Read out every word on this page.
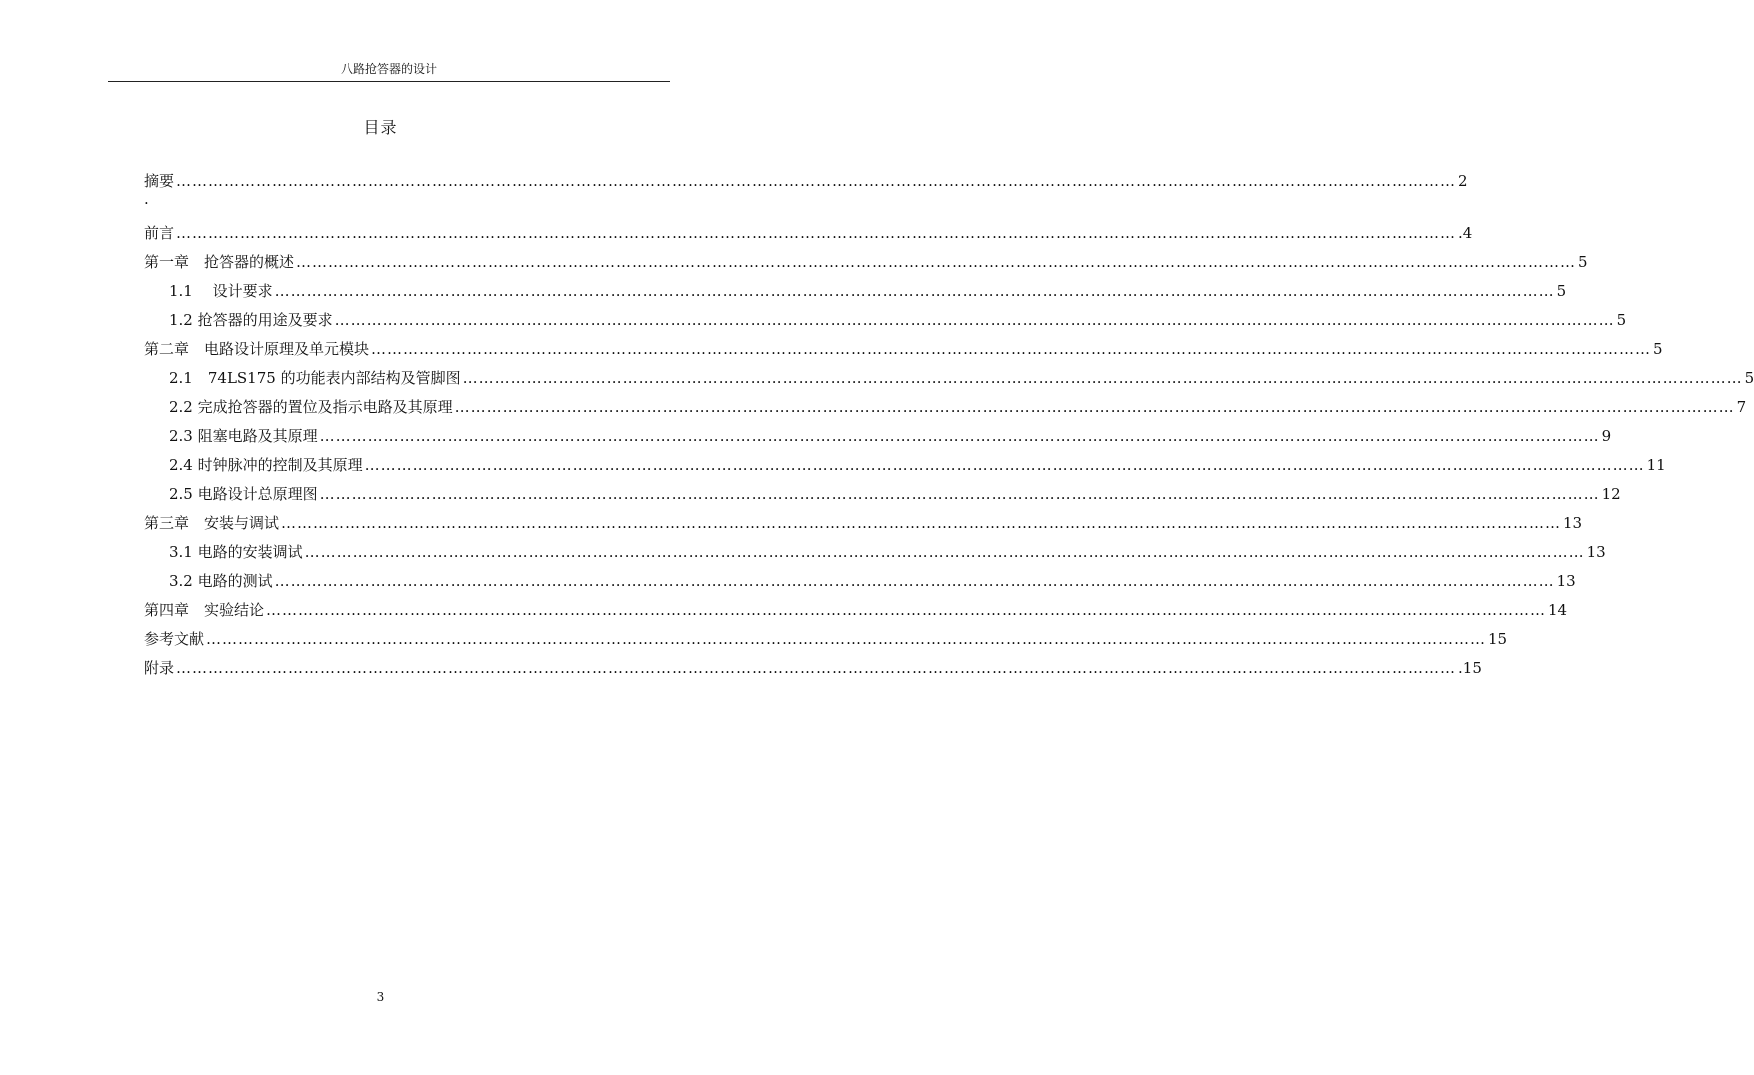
八路抢答器的设计
目录
摘要 …………………………………………………………………………………………………………………………………………………………………………………………………………………… 2
.
前言 …………………………………………………………………………………………………………………………………………………………………………………………………………………… .4
第一章　抢答器的概述 …………………………………………………………………………………………………………………………………………………………………………………………………………………… 5
1.1　 设计要求 …………………………………………………………………………………………………………………………………………………………………………………………………………………… 5
1.2 抢答器的用途及要求 …………………………………………………………………………………………………………………………………………………………………………………………………………………… 5
第二章　电路设计原理及单元模块 …………………………………………………………………………………………………………………………………………………………………………………………………………………… 5
2.1　74LS175 的功能表内部结构及管脚图 …………………………………………………………………………………………………………………………………………………………………………………………………………………… 5
2.2 完成抢答器的置位及指示电路及其原理 …………………………………………………………………………………………………………………………………………………………………………………………………………………… 7
2.3 阻塞电路及其原理 …………………………………………………………………………………………………………………………………………………………………………………………………………………… 9
2.4 时钟脉冲的控制及其原理 …………………………………………………………………………………………………………………………………………………………………………………………………………………… 11
2.5 电路设计总原理图 …………………………………………………………………………………………………………………………………………………………………………………………………………………… 12
第三章　安装与调试 …………………………………………………………………………………………………………………………………………………………………………………………………………………… 13
3.1 电路的安装调试 …………………………………………………………………………………………………………………………………………………………………………………………………………………… 13
3.2 电路的测试 …………………………………………………………………………………………………………………………………………………………………………………………………………………… 13
第四章　实验结论 …………………………………………………………………………………………………………………………………………………………………………………………………………………… 14
参考文献 …………………………………………………………………………………………………………………………………………………………………………………………………………………… 15
附录 …………………………………………………………………………………………………………………………………………………………………………………………………………………… .15
3
